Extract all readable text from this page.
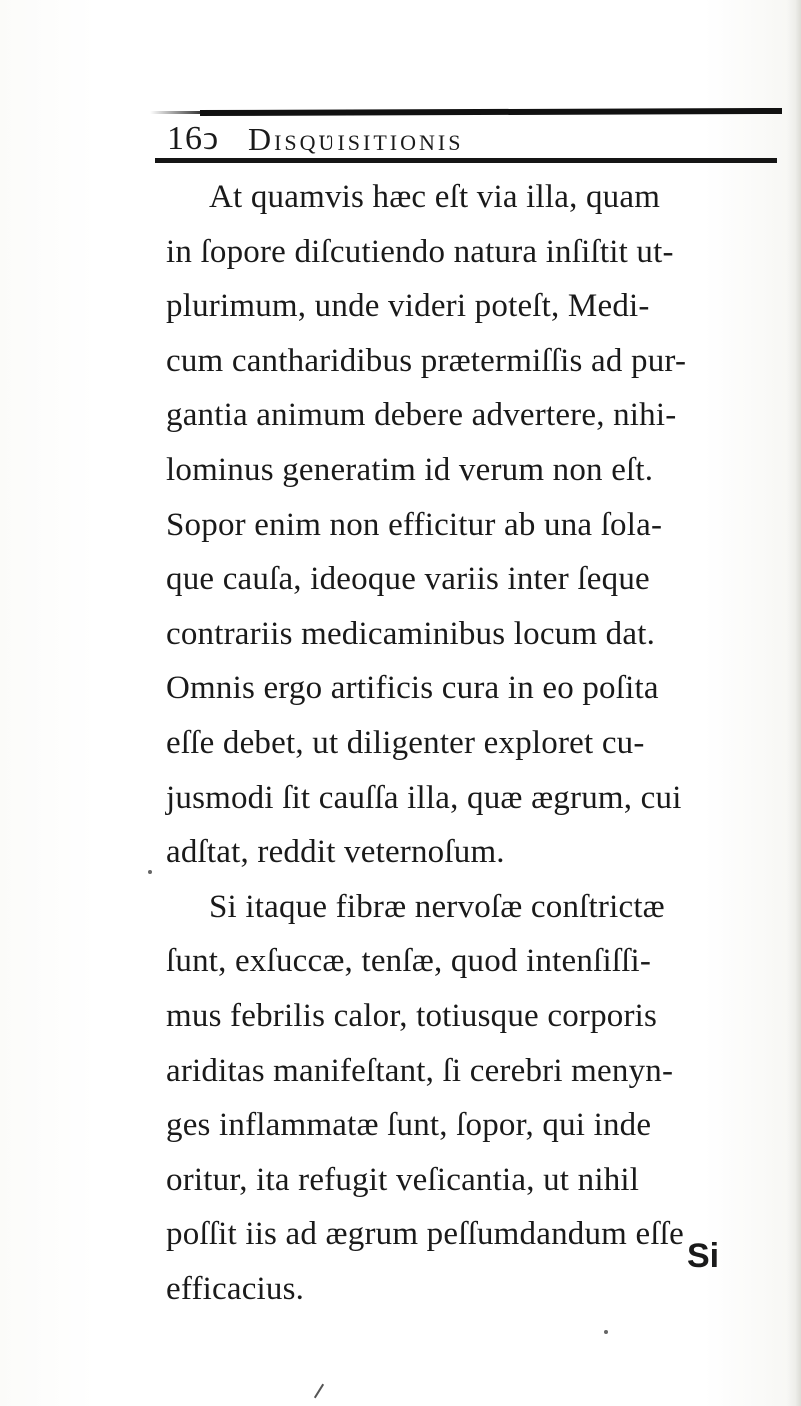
16ↄ Disqʋisitionis
At quamvis hæc eſt via illa, quam
in ſopore diſcutiendo natura inſiſtit ut-
plurimum, unde videri poteſt, Medi-
cum cantharidibus prætermiſſis ad pur-
gantia animum debere advertere, nihi-
lominus generatim id verum non eſt.
Sopor enim non efficitur ab una ſola-
que cauſa, ideoque variis inter ſeque
contrariis medicaminibus locum dat.
Omnis ergo artificis cura in eo poſita
eſſe debet, ut diligenter exploret cu-
jusmodi ſit cauſſa illa, quæ ægrum, cui
adſtat, reddit veternoſum.
Si itaque fibræ nervoſæ conſtrictæ
ſunt, exſuccæ, tenſæ, quod intenſiſſi-
mus febrilis calor, totiusque corporis
ariditas manifeſtant, ſi cerebri menyn-
ges inflammatæ ſunt, ſopor, qui inde
oritur, ita refugit veſicantia, ut nihil
poſſit iis ad ægrum peſſumdandum eſſe
efficacius.
Si
